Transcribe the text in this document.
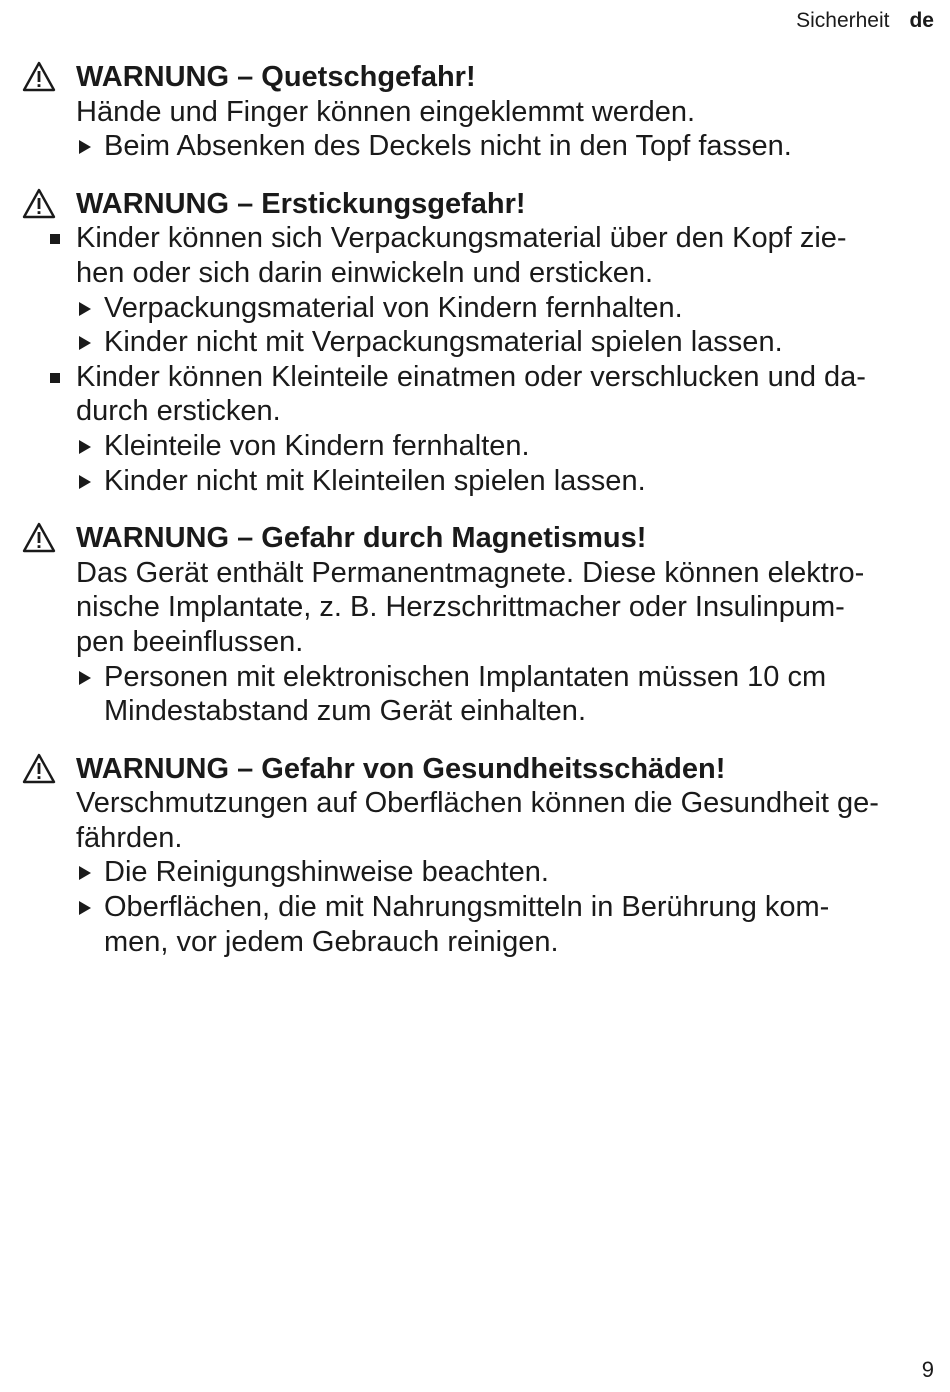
Sicherheit de
WARNUNG – Quetschgefahr!
Hände und Finger können eingeklemmt werden.
Beim Absenken des Deckels nicht in den Topf fassen.
WARNUNG – Erstickungsgefahr!
Kinder können sich Verpackungsmaterial über den Kopf zie-
hen oder sich darin einwickeln und ersticken.
Verpackungsmaterial von Kindern fernhalten.
Kinder nicht mit Verpackungsmaterial spielen lassen.
Kinder können Kleinteile einatmen oder verschlucken und da-
durch ersticken.
Kleinteile von Kindern fernhalten.
Kinder nicht mit Kleinteilen spielen lassen.
WARNUNG – Gefahr durch Magnetismus!
Das Gerät enthält Permanentmagnete. Diese können elektro-
nische Implantate, z. B. Herzschrittmacher oder Insulinpum-
pen beeinflussen.
Personen mit elektronischen Implantaten müssen 10 cm
Mindestabstand zum Gerät einhalten.
WARNUNG – Gefahr von Gesundheitsschäden!
Verschmutzungen auf Oberflächen können die Gesundheit ge-
fährden.
Die Reinigungshinweise beachten.
Oberflächen, die mit Nahrungsmitteln in Berührung kom-
men, vor jedem Gebrauch reinigen.
9
